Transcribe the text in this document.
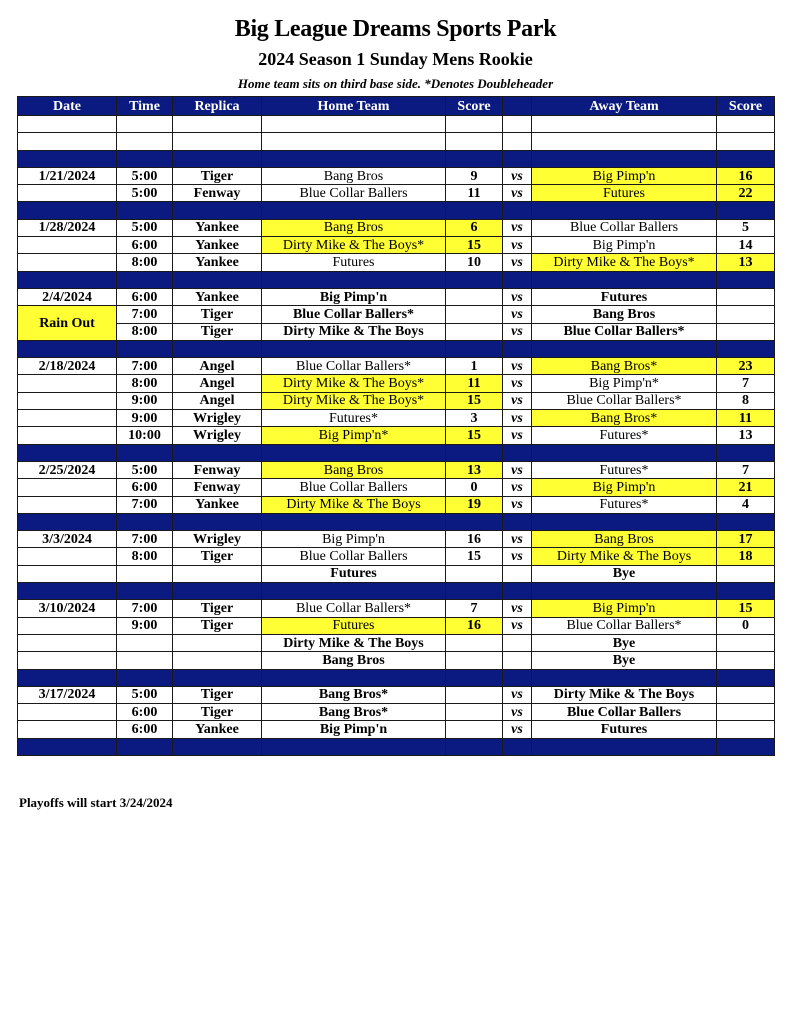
Big League Dreams Sports Park
2024 Season 1 Sunday Mens Rookie
Home team sits on third base side. *Denotes Doubleheader
Date	Time	Replica	Home Team	Score		Away Team	Score

1/21/2024	5:00	Tiger	Bang Bros	9	vs	Big Pimp'n	16
	5:00	Fenway	Blue Collar Ballers	11	vs	Futures	22

1/28/2024	5:00	Yankee	Bang Bros	6	vs	Blue Collar Ballers	5
	6:00	Yankee	Dirty Mike & The Boys*	15	vs	Big Pimp'n	14
	8:00	Yankee	Futures	10	vs	Dirty Mike & The Boys*	13

2/4/2024	6:00	Yankee	Big Pimp'n		vs	Futures	
Rain Out	7:00	Tiger	Blue Collar Ballers*		vs	Bang Bros	
	8:00	Tiger	Dirty Mike & The Boys		vs	Blue Collar Ballers*	

2/18/2024	7:00	Angel	Blue Collar Ballers*	1	vs	Bang Bros*	23
	8:00	Angel	Dirty Mike & The Boys*	11	vs	Big Pimp'n*	7
	9:00	Angel	Dirty Mike & The Boys*	15	vs	Blue Collar Ballers*	8
	9:00	Wrigley	Futures*	3	vs	Bang Bros*	11
	10:00	Wrigley	Big Pimp'n*	15	vs	Futures*	13

2/25/2024	5:00	Fenway	Bang Bros	13	vs	Futures*	7
	6:00	Fenway	Blue Collar Ballers	0	vs	Big Pimp'n	21
	7:00	Yankee	Dirty Mike & The Boys	19	vs	Futures*	4

3/3/2024	7:00	Wrigley	Big Pimp'n	16	vs	Bang Bros	17
	8:00	Tiger	Blue Collar Ballers	15	vs	Dirty Mike & The Boys	18
			Futures			Bye	

3/10/2024	7:00	Tiger	Blue Collar Ballers*	7	vs	Big Pimp'n	15
	9:00	Tiger	Futures	16	vs	Blue Collar Ballers*	0
			Dirty Mike & The Boys			Bye	
			Bang Bros			Bye	

3/17/2024	5:00	Tiger	Bang Bros*		vs	Dirty Mike & The Boys	
	6:00	Tiger	Bang Bros*		vs	Blue Collar Ballers	
	6:00	Yankee	Big Pimp'n		vs	Futures	

Playoffs will start 3/24/2024
